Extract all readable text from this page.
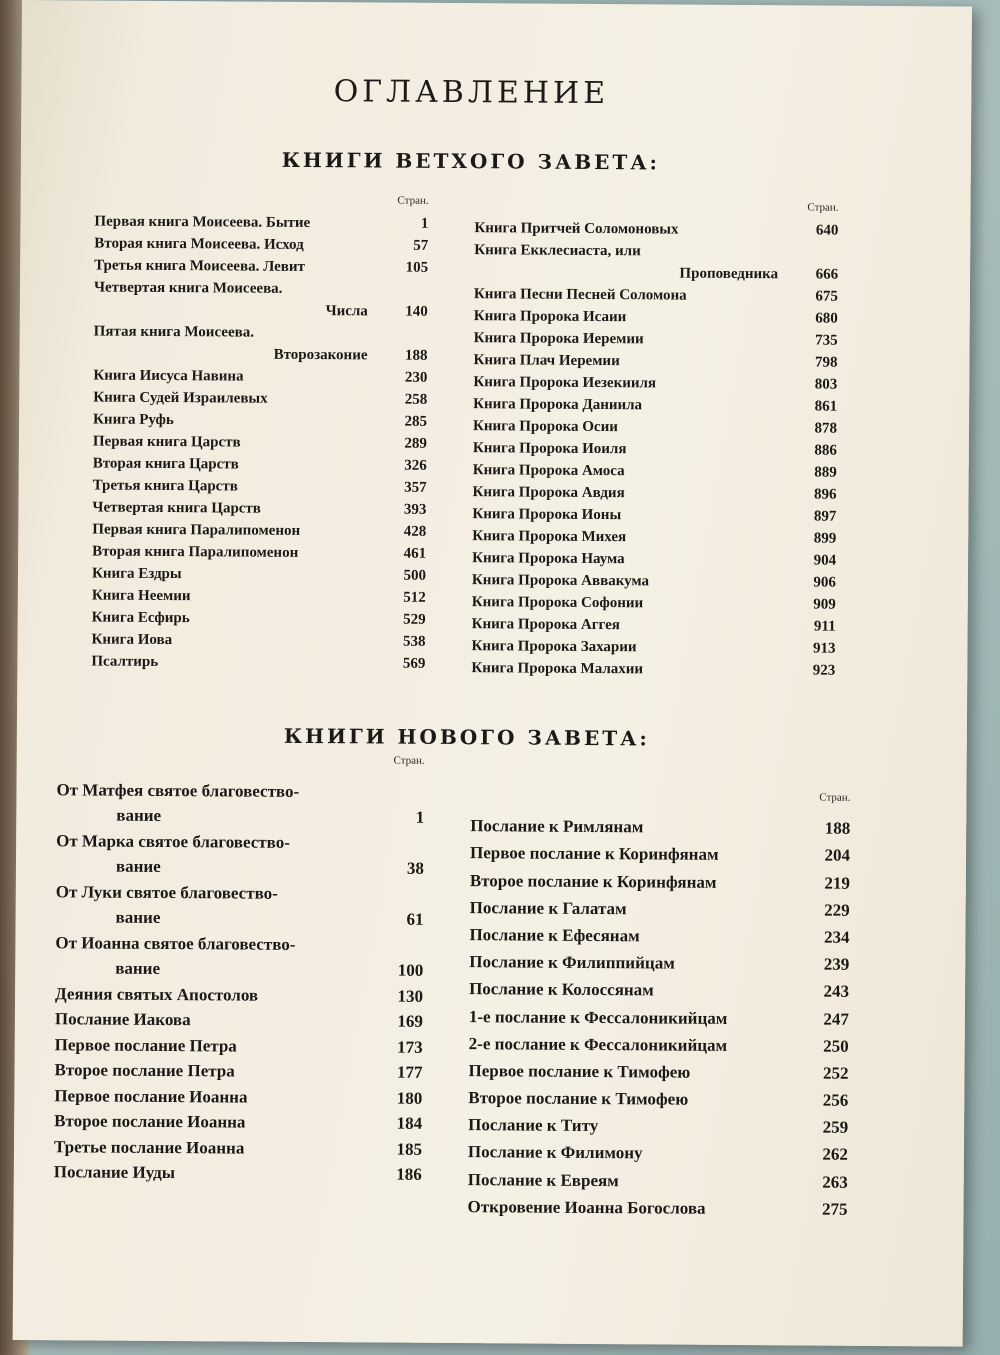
ОГЛАВЛЕНИЕ
КНИГИ ВЕТХОГО ЗАВЕТА:
Стран.
Первая книга Моисеева. Бытие	1
Вторая книга Моисеева. Исход	57
Третья книга Моисеева. Левит	105
Четвертая книга Моисеева.
Числа	140
Пятая книга Моисеева.
Второзаконие	188
Книга Иисуса Навина	230
Книга Судей Израилевых	258
Книга Руфь	285
Первая книга Царств	289
Вторая книга Царств	326
Третья книга Царств	357
Четвертая книга Царств	393
Первая книга Паралипоменон	428
Вторая книга Паралипоменон	461
Книга Ездры	500
Книга Неемии	512
Книга Есфирь	529
Книга Иова	538
Псалтирь	569
Стран.
Книга Притчей Соломоновых	640
Книга Екклесиаста, или
Проповедника	666
Книга Песни Песней Соломона	675
Книга Пророка Исаии	680
Книга Пророка Иеремии	735
Книга Плач Иеремии	798
Книга Пророка Иезекииля	803
Книга Пророка Даниила	861
Книга Пророка Осии	878
Книга Пророка Иоиля	886
Книга Пророка Амоса	889
Книга Пророка Авдия	896
Книга Пророка Ионы	897
Книга Пророка Михея	899
Книга Пророка Наума	904
Книга Пророка Аввакума	906
Книга Пророка Софонии	909
Книга Пророка Аггея	911
Книга Пророка Захарии	913
Книга Пророка Малахии	923
КНИГИ НОВОГО ЗАВЕТА:
Стран.
От Матфея святое благовество-
вание	1
От Марка святое благовество-
вание	38
От Луки святое благовество-
вание	61
От Иоанна святое благовество-
вание	100
Деяния святых Апостолов	130
Послание Иакова	169
Первое послание Петра	173
Второе послание Петра	177
Первое послание Иоанна	180
Второе послание Иоанна	184
Третье послание Иоанна	185
Послание Иуды	186
Стран.
Послание к Римлянам	188
Первое послание к Коринфянам	204
Второе послание к Коринфянам	219
Послание к Галатам	229
Послание к Ефесянам	234
Послание к Филиппийцам	239
Послание к Колоссянам	243
1-е послание к Фессалоникийцам	247
2-е послание к Фессалоникийцам	250
Первое послание к Тимофею	252
Второе послание к Тимофею	256
Послание к Титу	259
Послание к Филимону	262
Послание к Евреям	263
Откровение Иоанна Богослова	275
